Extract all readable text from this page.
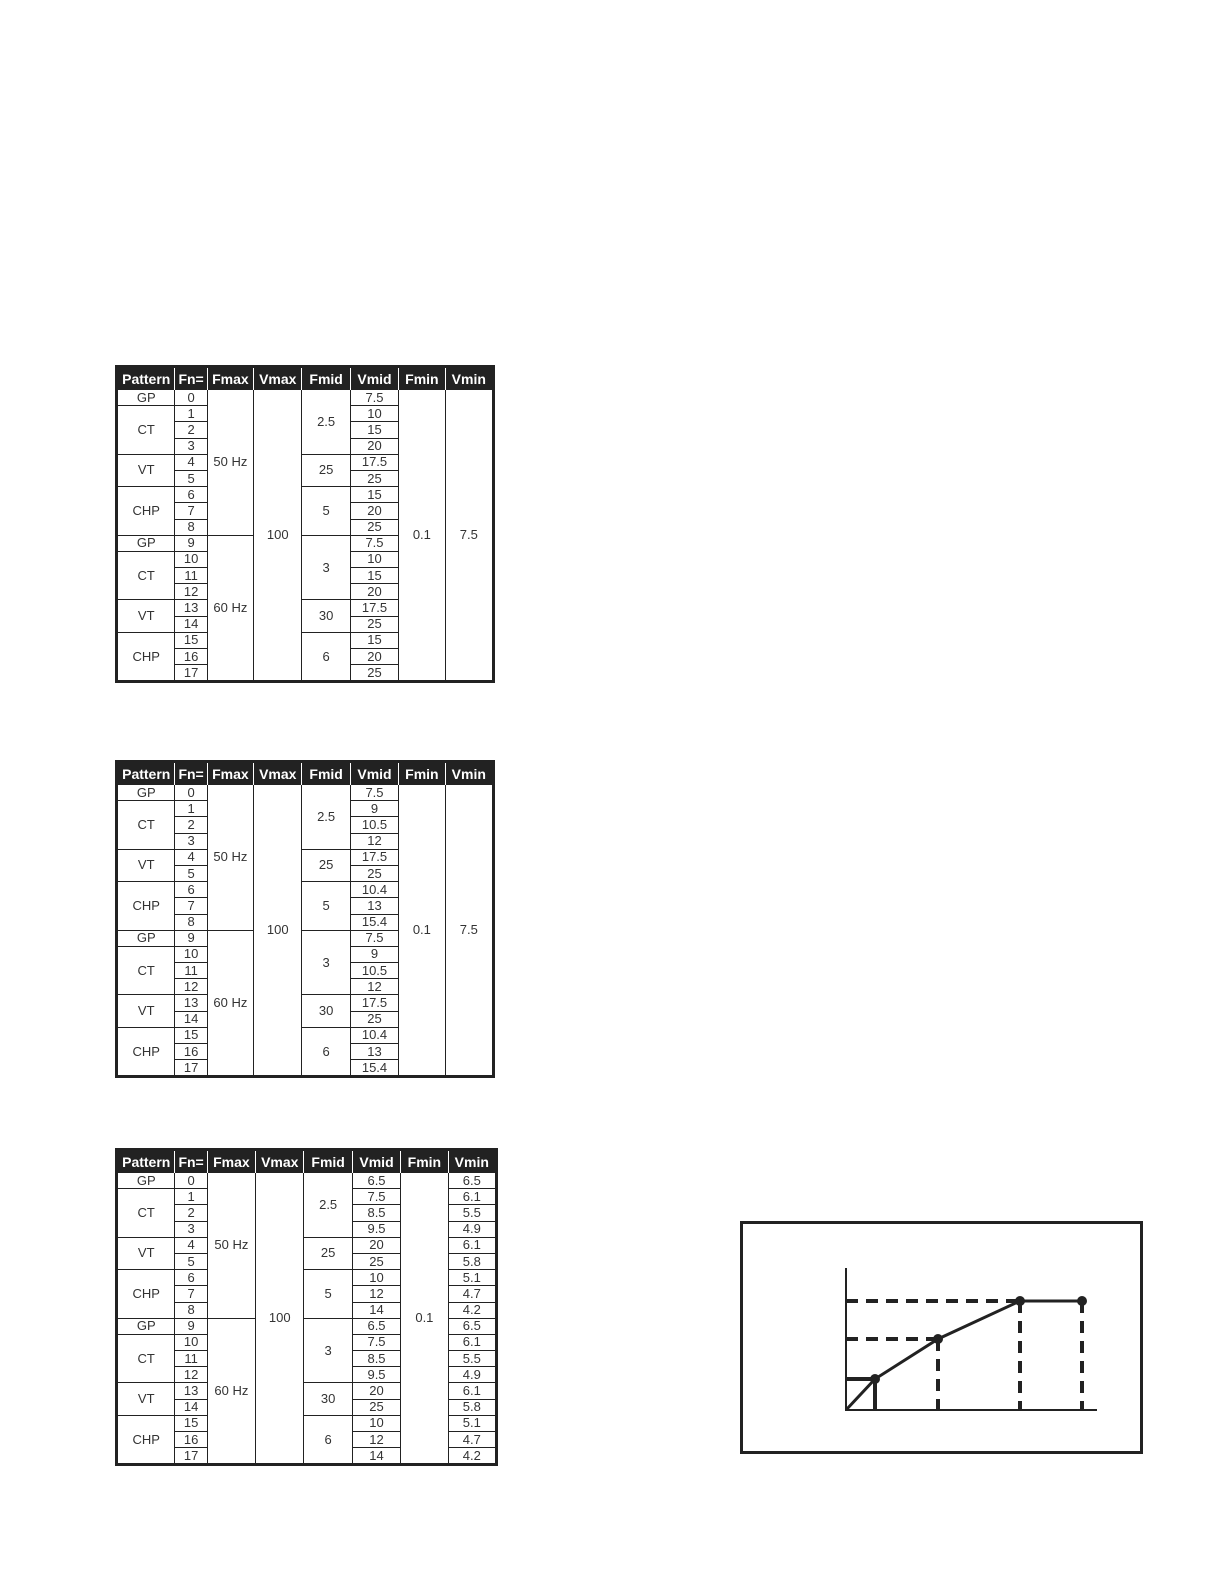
Pattern	Fn=	Fmax	Vmax	Fmid	Vmid	Fmin	Vmin
GP	0	50 Hz	100	2.5	7.5	0.1	7.5
CT	1				10		
	2				15		
	3				20		
VT	4			25	17.5		
	5				25		
CHP	6			5	15		
	7				20		
	8				25		
GP	9	60 Hz		3	7.5		
CT	10				10		
	11				15		
	12				20		
VT	13			30	17.5		
	14				25		
CHP	15			6	15		
	16				20		
	17				25		
Pattern	Fn=	Fmax	Vmax	Fmid	Vmid	Fmin	Vmin
GP	0	50 Hz	100	2.5	7.5	0.1	7.5
CT	1				9		
	2				10.5		
	3				12		
VT	4			25	17.5		
	5				25		
CHP	6			5	10.4		
	7				13		
	8				15.4		
GP	9	60 Hz		3	7.5		
CT	10				9		
	11				10.5		
	12				12		
VT	13			30	17.5		
	14				25		
CHP	15			6	10.4		
	16				13		
	17				15.4		
Pattern	Fn=	Fmax	Vmax	Fmid	Vmid	Fmin	Vmin
GP	0	50 Hz	100	2.5	6.5	0.1	6.5
CT	1				7.5		6.1
	2				8.5		5.5
	3				9.5		4.9
VT	4			25	20		6.1
	5				25		5.8
CHP	6			5	10		5.1
	7				12		4.7
	8				14		4.2
GP	9	60 Hz		3	6.5		6.5
CT	10				7.5		6.1
	11				8.5		5.5
	12				9.5		4.9
VT	13			30	20		6.1
	14				25		5.8
CHP	15			6	10		5.1
	16				12		4.7
	17				14		4.2
